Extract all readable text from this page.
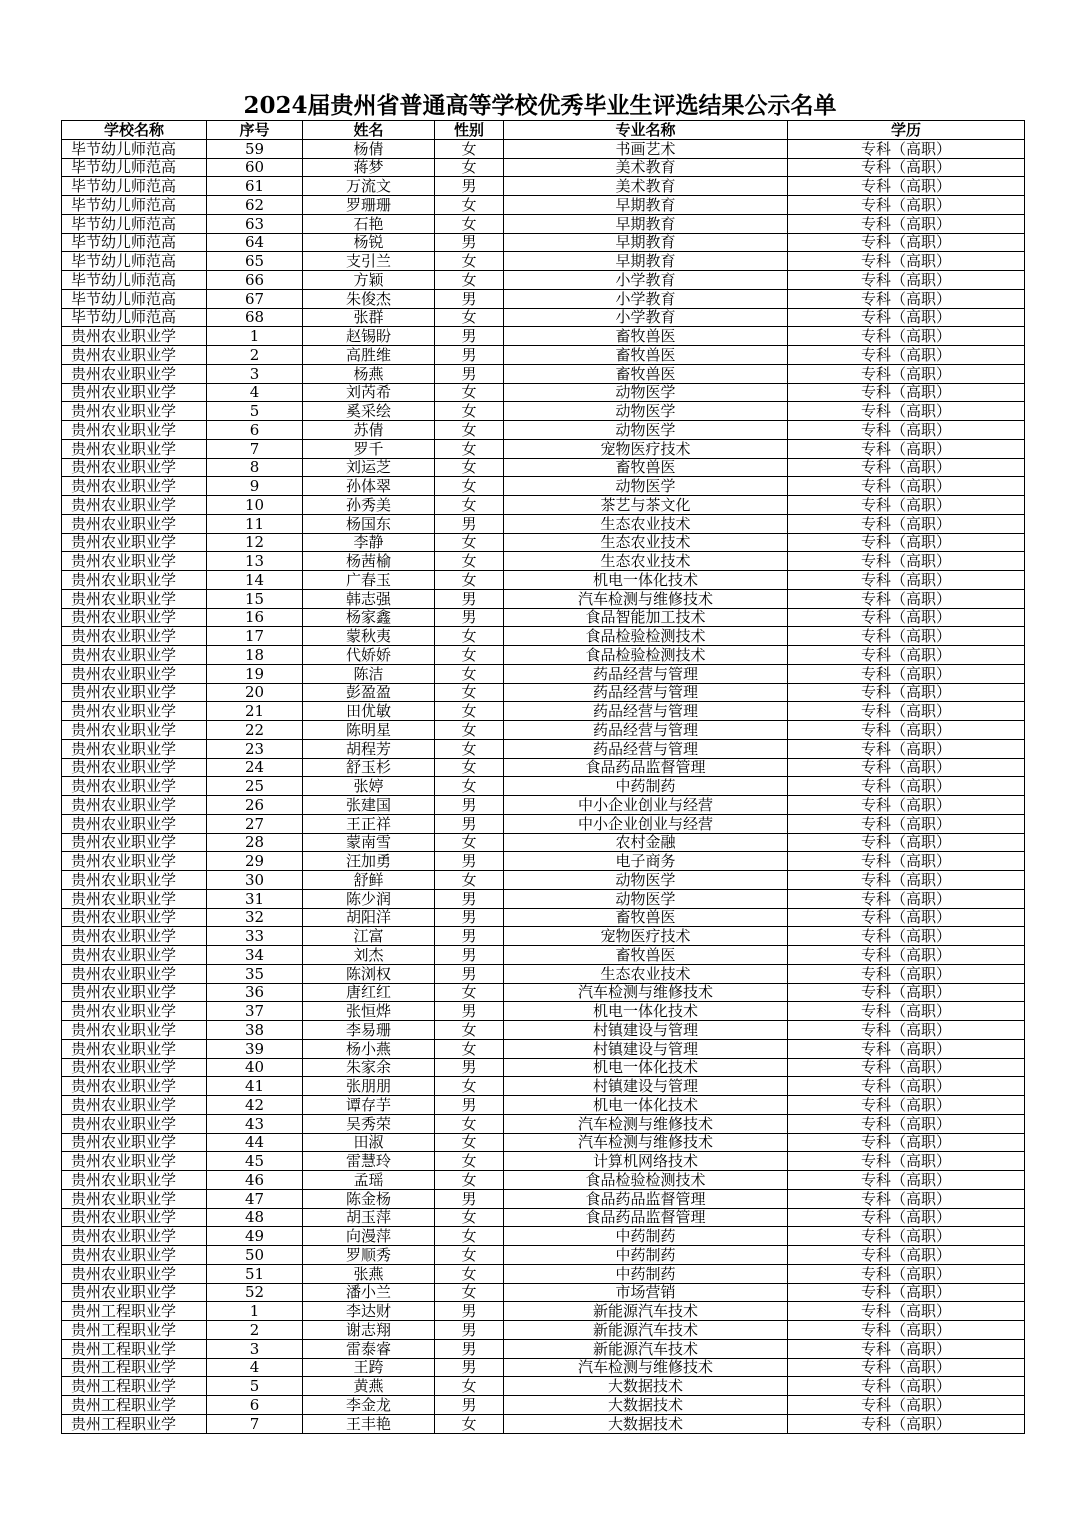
2024届贵州省普通高等学校优秀毕业生评选结果公示名单
学校名称	序号	姓名	性别	专业名称	学历
毕节幼儿师范高	59	杨倩	女	书画艺术	专科（高职）
毕节幼儿师范高	60	蒋梦	女	美术教育	专科（高职）
毕节幼儿师范高	61	万流文	男	美术教育	专科（高职）
毕节幼儿师范高	62	罗珊珊	女	早期教育	专科（高职）
毕节幼儿师范高	63	石艳	女	早期教育	专科（高职）
毕节幼儿师范高	64	杨锐	男	早期教育	专科（高职）
毕节幼儿师范高	65	支引兰	女	早期教育	专科（高职）
毕节幼儿师范高	66	方颖	女	小学教育	专科（高职）
毕节幼儿师范高	67	朱俊杰	男	小学教育	专科（高职）
毕节幼儿师范高	68	张群	女	小学教育	专科（高职）
贵州农业职业学	1	赵锡盼	男	畜牧兽医	专科（高职）
贵州农业职业学	2	高胜维	男	畜牧兽医	专科（高职）
贵州农业职业学	3	杨燕	男	畜牧兽医	专科（高职）
贵州农业职业学	4	刘芮希	女	动物医学	专科（高职）
贵州农业职业学	5	奚采绘	女	动物医学	专科（高职）
贵州农业职业学	6	苏倩	女	动物医学	专科（高职）
贵州农业职业学	7	罗千	女	宠物医疗技术	专科（高职）
贵州农业职业学	8	刘运芝	女	畜牧兽医	专科（高职）
贵州农业职业学	9	孙体翠	女	动物医学	专科（高职）
贵州农业职业学	10	孙秀美	女	茶艺与茶文化	专科（高职）
贵州农业职业学	11	杨国东	男	生态农业技术	专科（高职）
贵州农业职业学	12	李静	女	生态农业技术	专科（高职）
贵州农业职业学	13	杨茜榆	女	生态农业技术	专科（高职）
贵州农业职业学	14	广春玉	女	机电一体化技术	专科（高职）
贵州农业职业学	15	韩志强	男	汽车检测与维修技术	专科（高职）
贵州农业职业学	16	杨家鑫	男	食品智能加工技术	专科（高职）
贵州农业职业学	17	蒙秋夷	女	食品检验检测技术	专科（高职）
贵州农业职业学	18	代娇娇	女	食品检验检测技术	专科（高职）
贵州农业职业学	19	陈洁	女	药品经营与管理	专科（高职）
贵州农业职业学	20	彭盈盈	女	药品经营与管理	专科（高职）
贵州农业职业学	21	田优敏	女	药品经营与管理	专科（高职）
贵州农业职业学	22	陈明星	女	药品经营与管理	专科（高职）
贵州农业职业学	23	胡程芳	女	药品经营与管理	专科（高职）
贵州农业职业学	24	舒玉杉	女	食品药品监督管理	专科（高职）
贵州农业职业学	25	张婷	女	中药制药	专科（高职）
贵州农业职业学	26	张建国	男	中小企业创业与经营	专科（高职）
贵州农业职业学	27	王正祥	男	中小企业创业与经营	专科（高职）
贵州农业职业学	28	蒙南雪	女	农村金融	专科（高职）
贵州农业职业学	29	汪加勇	男	电子商务	专科（高职）
贵州农业职业学	30	舒鲜	女	动物医学	专科（高职）
贵州农业职业学	31	陈少润	男	动物医学	专科（高职）
贵州农业职业学	32	胡阳洋	男	畜牧兽医	专科（高职）
贵州农业职业学	33	江富	男	宠物医疗技术	专科（高职）
贵州农业职业学	34	刘杰	男	畜牧兽医	专科（高职）
贵州农业职业学	35	陈浏权	男	生态农业技术	专科（高职）
贵州农业职业学	36	唐红红	女	汽车检测与维修技术	专科（高职）
贵州农业职业学	37	张恒烨	男	机电一体化技术	专科（高职）
贵州农业职业学	38	李易珊	女	村镇建设与管理	专科（高职）
贵州农业职业学	39	杨小燕	女	村镇建设与管理	专科（高职）
贵州农业职业学	40	朱家余	男	机电一体化技术	专科（高职）
贵州农业职业学	41	张朋朋	女	村镇建设与管理	专科（高职）
贵州农业职业学	42	谭存芋	男	机电一体化技术	专科（高职）
贵州农业职业学	43	吴秀荣	女	汽车检测与维修技术	专科（高职）
贵州农业职业学	44	田淑	女	汽车检测与维修技术	专科（高职）
贵州农业职业学	45	雷慧玲	女	计算机网络技术	专科（高职）
贵州农业职业学	46	孟瑶	女	食品检验检测技术	专科（高职）
贵州农业职业学	47	陈金杨	男	食品药品监督管理	专科（高职）
贵州农业职业学	48	胡玉萍	女	食品药品监督管理	专科（高职）
贵州农业职业学	49	向漫萍	女	中药制药	专科（高职）
贵州农业职业学	50	罗顺秀	女	中药制药	专科（高职）
贵州农业职业学	51	张燕	女	中药制药	专科（高职）
贵州农业职业学	52	潘小兰	女	市场营销	专科（高职）
贵州工程职业学	1	李达财	男	新能源汽车技术	专科（高职）
贵州工程职业学	2	谢志翔	男	新能源汽车技术	专科（高职）
贵州工程职业学	3	雷泰睿	男	新能源汽车技术	专科（高职）
贵州工程职业学	4	王跨	男	汽车检测与维修技术	专科（高职）
贵州工程职业学	5	黄燕	女	大数据技术	专科（高职）
贵州工程职业学	6	李金龙	男	大数据技术	专科（高职）
贵州工程职业学	7	王丰艳	女	大数据技术	专科（高职）
